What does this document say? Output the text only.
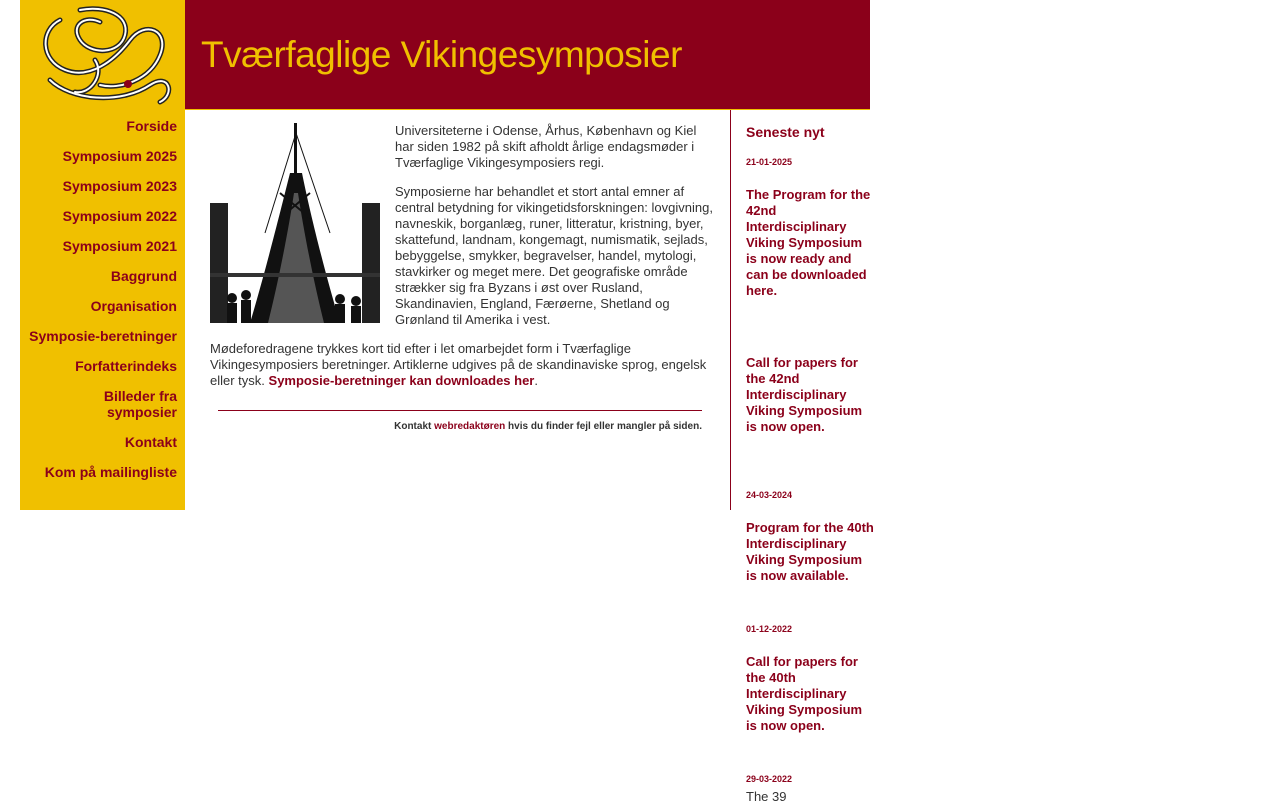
Tværfaglige Vikingesymposier
Forside
Symposium 2025
Symposium 2023
Symposium 2022
Symposium 2021
Baggrund
Organisation
Symposie-beretninger
Forfatterindeks
Billeder fra symposier
Kontakt
Kom på mailingliste

Universiteterne i Odense, Århus, København og Kiel har siden 1982 på skift afholdt årlige endagsmøder i Tværfaglige Vikingesymposiers regi.

Symposierne har behandlet et stort antal emner af central betydning for vikingetidsforskningen: lovgivning, navneskik, borganlæg, runer, litteratur, kristning, byer, skattefund, landnam, kongemagt, numismatik, sejlads, bebyggelse, smykker, begravelser, handel, mytologi, stavkirker og meget mere. Det geografiske område strækker sig fra Byzans i øst over Rusland, Skandinavien, England, Færøerne, Shetland og Grønland til Amerika i vest.

Mødeforedragene trykkes kort tid efter i let omarbejdet form i Tværfaglige Vikingesymposiers beretninger. Artiklerne udgives på de skandinaviske sprog, engelsk eller tysk. Symposie-beretninger kan downloades her.

Kontakt webredaktøren hvis du finder fejl eller mangler på siden.
Seneste nyt
21-01-2025
The Program for the 42nd Interdisciplinary Viking Symposium is now ready and can be downloaded here.
Call for papers for the 42nd Interdisciplinary Viking Symposium is now open.
24-03-2024
Program for the 40th Interdisciplinary Viking Symposium is now available.
01-12-2022
Call for papers for the 40th Interdisciplinary Viking Symposium is now open.
29-03-2022
The 39
